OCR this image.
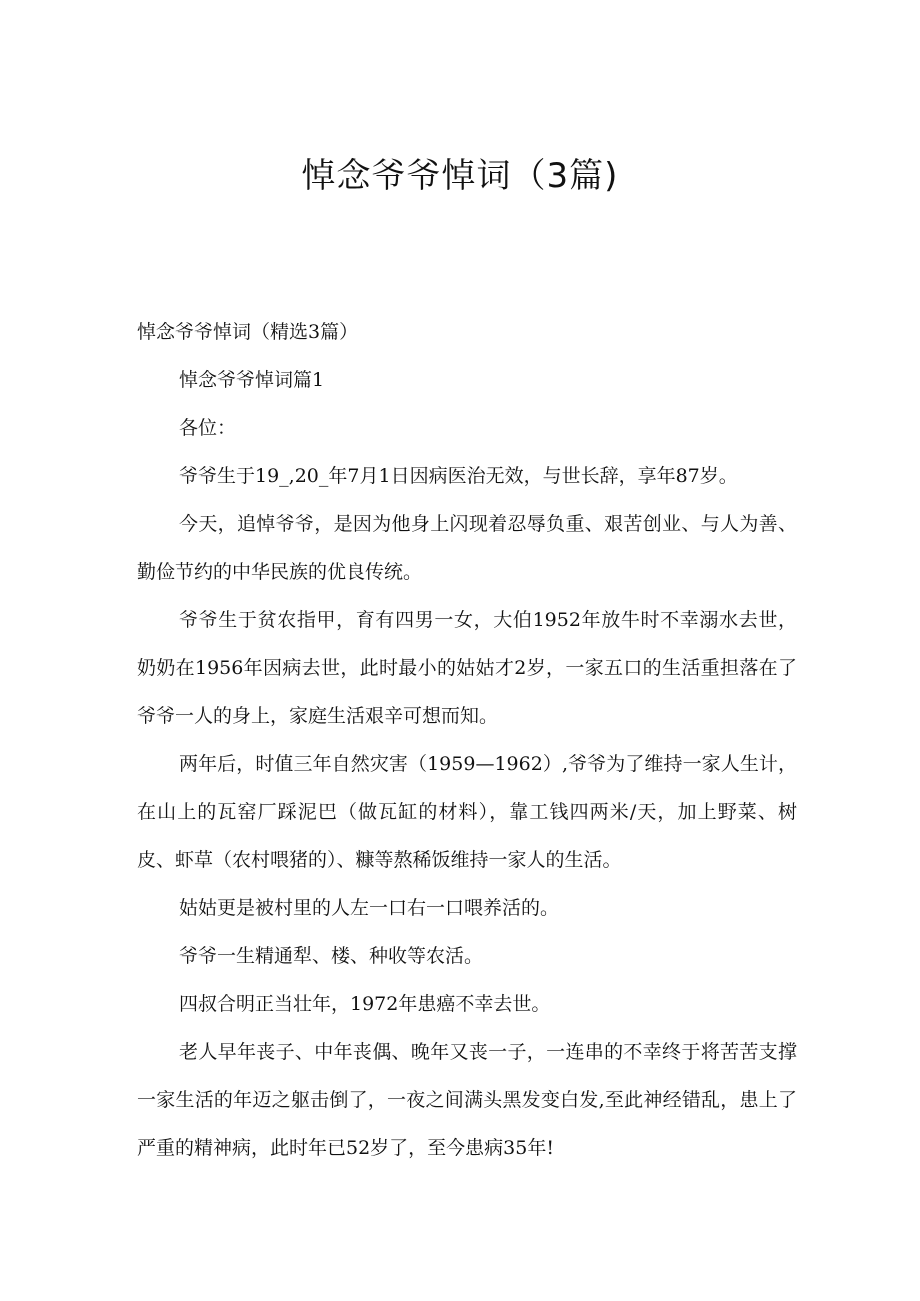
悼念爷爷悼词（3篇)

悼念爷爷悼词（精选3篇）

悼念爷爷悼词篇1

各位：

爷爷生于19_,20_年7月1日因病医治无效，与世长辞，享年87岁。

今天，追悼爷爷，是因为他身上闪现着忍辱负重、艰苦创业、与人为善、勤俭节约的中华民族的优良传统。

爷爷生于贫农指甲，育有四男一女，大伯1952年放牛时不幸溺水去世，奶奶在1956年因病去世，此时最小的姑姑才2岁，一家五口的生活重担落在了爷爷一人的身上，家庭生活艰辛可想而知。

两年后，时值三年自然灾害（1959—1962）,爷爷为了维持一家人生计，在山上的瓦窑厂踩泥巴（做瓦缸的材料），靠工钱四两米/天，加上野菜、树皮、虾草（农村喂猪的）、糠等熬稀饭维持一家人的生活。

姑姑更是被村里的人左一口右一口喂养活的。

爷爷一生精通犁、楼、种收等农活。

四叔合明正当壮年，1972年患癌不幸去世。

老人早年丧子、中年丧偶、晚年又丧一子，一连串的不幸终于将苦苦支撑一家生活的年迈之躯击倒了，一夜之间满头黑发变白发,至此神经错乱，患上了严重的精神病，此时年已52岁了，至今患病35年!
